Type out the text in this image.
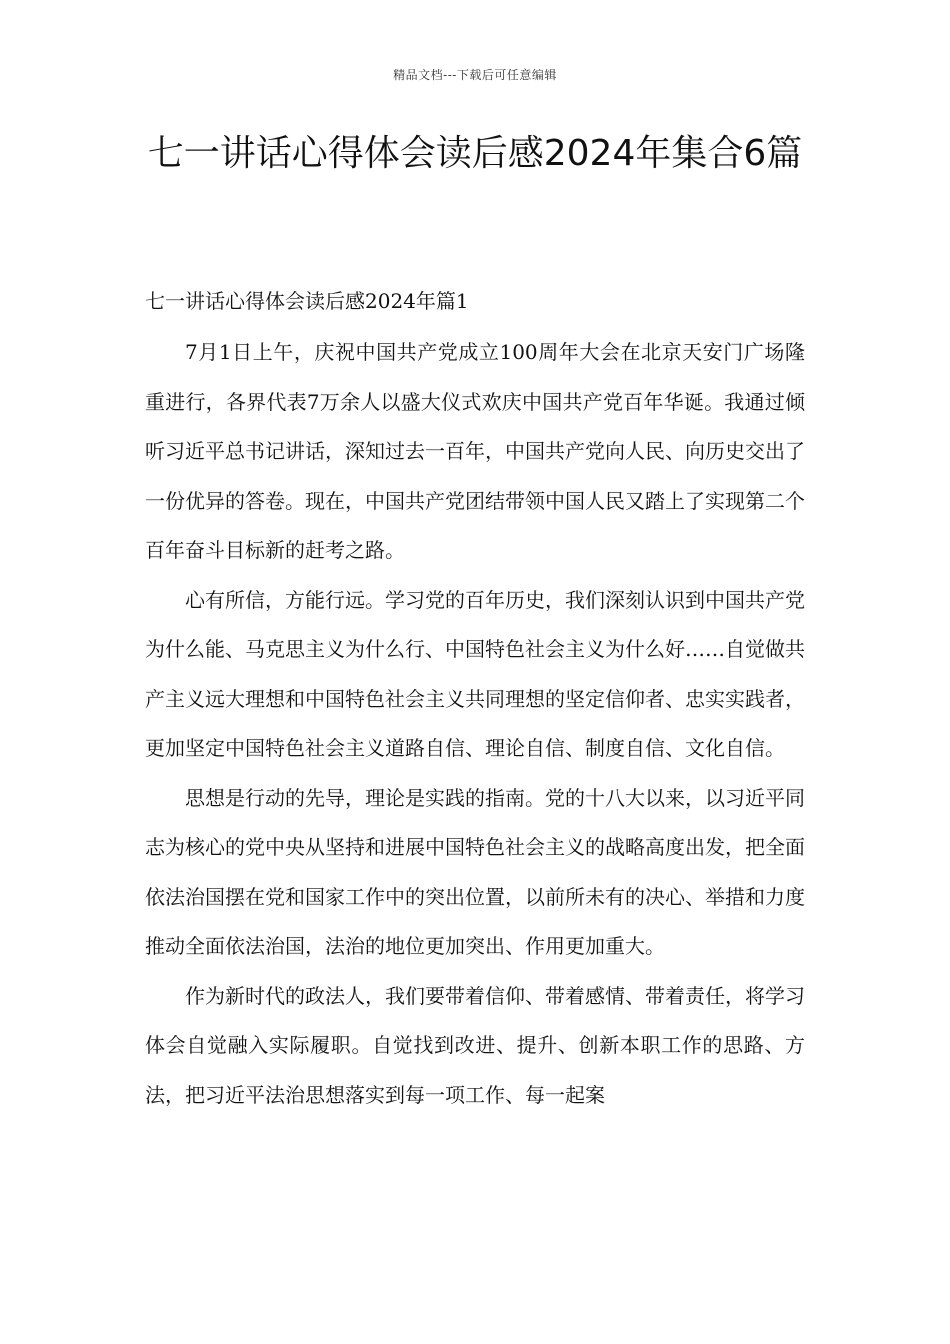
精品文档---下载后可任意编辑
七一讲话心得体会读后感2024年集合6篇
七一讲话心得体会读后感2024年篇1

7月1日上午，庆祝中国共产党成立100周年大会在北京天安门广场隆重进行，各界代表7万余人以盛大仪式欢庆中国共产党百年华诞。我通过倾听习近平总书记讲话，深知过去一百年，中国共产党向人民、向历史交出了一份优异的答卷。现在，中国共产党团结带领中国人民又踏上了实现第二个百年奋斗目标新的赶考之路。

心有所信，方能行远。学习党的百年历史，我们深刻认识到中国共产党为什么能、马克思主义为什么行、中国特色社会主义为什么好……自觉做共产主义远大理想和中国特色社会主义共同理想的坚定信仰者、忠实实践者，更加坚定中国特色社会主义道路自信、理论自信、制度自信、文化自信。

思想是行动的先导，理论是实践的指南。党的十八大以来，以习近平同志为核心的党中央从坚持和进展中国特色社会主义的战略高度出发，把全面依法治国摆在党和国家工作中的突出位置，以前所未有的决心、举措和力度推动全面依法治国，法治的地位更加突出、作用更加重大。

作为新时代的政法人，我们要带着信仰、带着感情、带着责任，将学习体会自觉融入实际履职。自觉找到改进、提升、创新本职工作的思路、方法，把习近平法治思想落实到每一项工作、每一起案
